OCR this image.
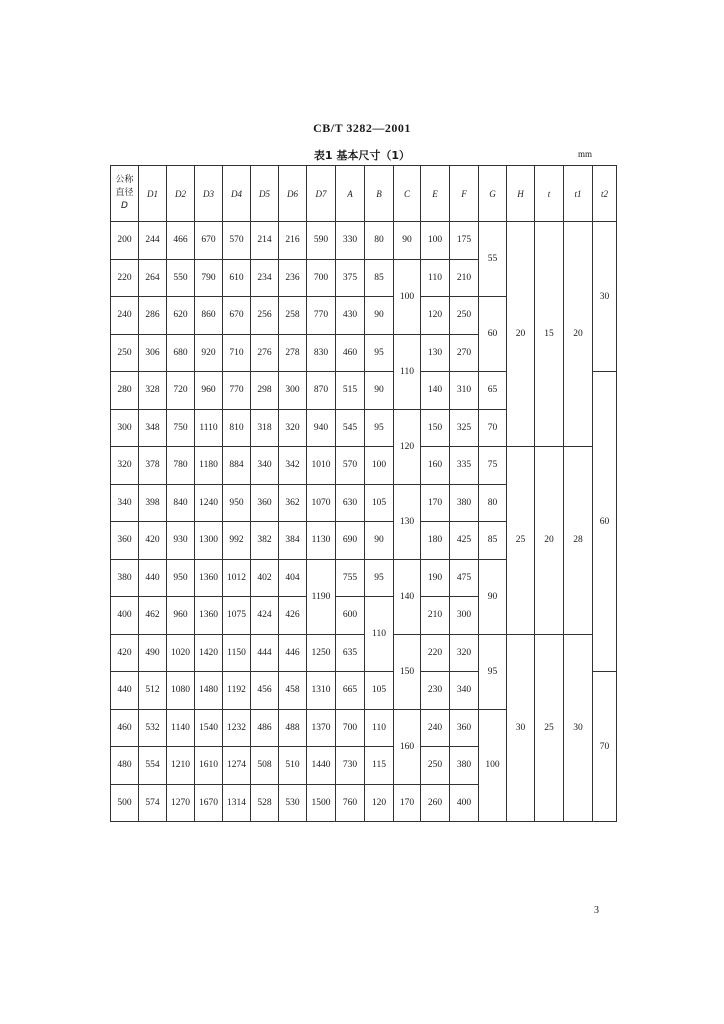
CB/T 3282—2001
表1 基本尺寸（1）	mm
公称
直径
D	D1	D2	D3	D4	D5	D6	D7	A	B	C	E	F	G	H	t	t1	t2
200	244	466	670	570	214	216	590	330	80	90	100	175	55	20	15	20	30
220	264	550	790	610	234	236	700	375	85	100	110	210					
240	286	620	860	670	256	258	770	430	90		120	250	60				
250	306	680	920	710	276	278	830	460	95	110	130	270					
280	328	720	960	770	298	300	870	515	90		140	310	65				60
300	348	750	1110	810	318	320	940	545	95	120	150	325	70				
320	378	780	1180	884	340	342	1010	570	100		160	335	75	25	20	28	
340	398	840	1240	950	360	362	1070	630	105	130	170	380	80				
360	420	930	1300	992	382	384	1130	690	90		180	425	85				
380	440	950	1360	1012	402	404	1190	755	95	140	190	475	90				
400	462	960	1360	1075	424	426		600	110		210	300					
420	490	1020	1420	1150	444	446	1250	635		150	220	320	95	30	25	30	
440	512	1080	1480	1192	456	458	1310	665	105		230	340					70
460	532	1140	1540	1232	486	488	1370	700	110	160	240	360	100				
480	554	1210	1610	1274	508	510	1440	730	115		250	380					
500	574	1270	1670	1314	528	530	1500	760	120	170	260	400					
3
